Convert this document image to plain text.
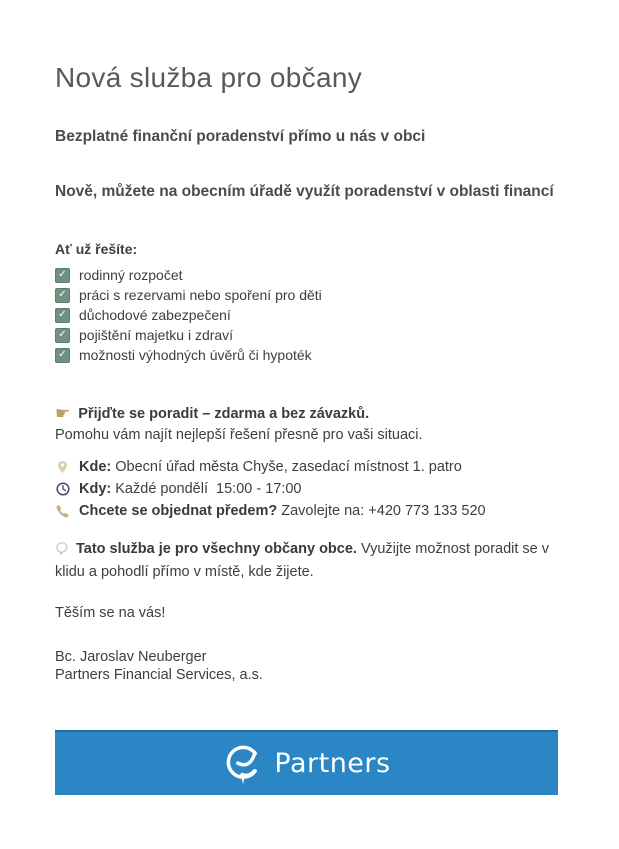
Nová služba pro občany
Bezplatné finanční poradenství přímo u nás v obci
Nově, můžete na obecním úřadě využít poradenství v oblasti financí
Ať už řešíte:
✓ rodinný rozpočet
✓ práci s rezervami nebo spoření pro děti
✓ důchodové zabezpečení
✓ pojištění majetku i zdraví
✓ možnosti výhodných úvěrů či hypoték
☛ Přijďte se poradit – zdarma a bez závazků.
Pomohu vám najít nejlepší řešení přesně pro vaši situaci.
Kde: Obecní úřad města Chyše, zasedací místnost 1. patro
Kdy: Každé pondělí  15:00 - 17:00
Chcete se objednat předem? Zavolejte na: +420 773 133 520
Tato služba je pro všechny občany obce. Využijte možnost poradit se v klidu a pohodlí přímo v místě, kde žijete.
Těším se na vás!
Bc. Jaroslav Neuberger
Partners Financial Services, a.s.
Partners
